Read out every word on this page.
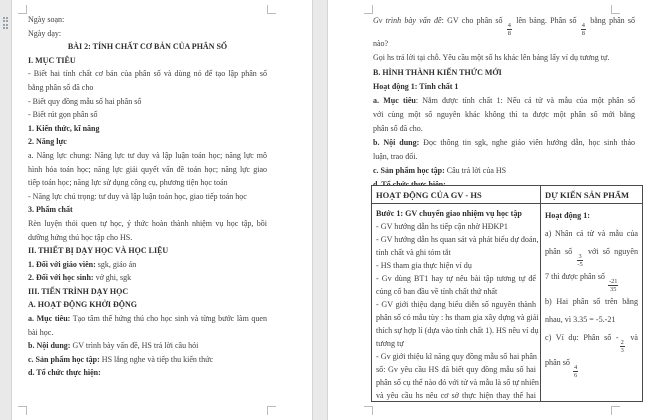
Ngày soạn:
Ngày dạy:
BÀI 2: TÍNH CHẤT CƠ BẢN CỦA PHÂN SỐ
I. MỤC TIÊU
- Biết hai tính chất cơ bản của phân số và dùng nó để tạo lập phân số
bằng phân số đã cho
- Biết quy đồng mẫu số hai phân số
- Biết rút gọn phân số
1. Kiến thức, kĩ năng
2. Năng lực
a. Năng lực chung: Năng lực tư duy và lập luận toán học; năng lực mô
hình hóa toán học; năng lực giải quyết vấn đề toán học; năng lực giao
tiếp toán học; năng lực sử dụng công cụ, phương tiện học toán
- Năng lực chú trọng: tư duy và lập luận toán học, giao tiếp toán học
3. Phẩm chất
Rèn luyện thói quen tự học, ý thức hoàn thành nhiệm vụ học tập, bồi
dưỡng hứng thú học tập cho HS.
II. THIẾT BỊ DẠY HỌC VÀ HỌC LIỆU
1. Đối với giáo viên: sgk, giáo án
2. Đối với học sinh: vở ghi, sgk
III. TIẾN TRÌNH DẠY HỌC
A. HOẠT ĐỘNG KHỞI ĐỘNG
a. Mục tiêu: Tạo tâm thế hứng thú cho học sinh và từng bước làm quen
bài học.
b. Nội dung: GV trình bày vấn đề, HS trả lời câu hỏi
c. Sản phẩm học tập: HS lắng nghe và tiếp thu kiến thức
d. Tổ chức thực hiện:
Gv trình bày vấn đề: GV cho phân số
$\frac{4}{8}$
lên bảng. Phân số
$\frac{4}{8}$
bằng phân số
nào?
Gọi hs trả lời tại chỗ. Yêu cầu một số hs khác lên bảng lấy ví dụ tương tự.
B. HÌNH THÀNH KIẾN THỨC MỚI
Hoạt động 1: Tính chất 1
a. Mục tiêu: Nắm được tính chất 1: Nếu cả tử và mẫu của một phân số
với cùng một số nguyên khác không thì ta được một phân số mới bằng
phân số đã cho.
b. Nội dung: Đọc thông tin sgk, nghe giáo viên hướng dẫn, học sinh thảo
luận, trao đổi.
c. Sản phẩm học tập: Câu trả lời của HS
HOẠT ĐỘNG CỦA GV - HS	DỰ KIẾN SẢN PHẨM
Bước 1: GV chuyển giao nhiệm vụ học tập
- GV hướng dẫn hs tiếp cận nhờ HĐKP1
- GV hướng dẫn hs quan sát và phát biểu dự đoán,
tính chất và ghi tóm tắt
- HS tham gia thực hiện ví dụ
- Gv dùng BT1 hay tự nêu bài tập tương tự để
củng cố ban đầu về tính chất thứ nhất
- GV giới thiệu dạng biểu diễn số nguyên thành
phân số có mẫu tùy : hs tham gia xây dựng và giải
thích sự hợp lí (dựa vào tính chất 1). HS nêu ví dụ
tương tự
- Gv giới thiệu kĩ năng quy đồng mẫu số hai phân
số: Gv yêu cầu HS đã biết quy đồng mẫu số hai
phân số cụ thể nào đó với tử và mẫu là số tự nhiên
và yêu cầu hs nêu cơ sở thực hiện thay thế hai
Hoạt động 1:
a) Nhân cả tử và mẫu của
phân số
$\frac{3}{-5}$
với số nguyên
7 thì được phân số
$\frac{-21}{35}$
b) Hai phân số trên bằng
nhau, vì 3.35 = -5.-21
c) Ví dụ: Phân số -
$\frac{2}{3}$
và
phân số
$\frac{4}{6}$
